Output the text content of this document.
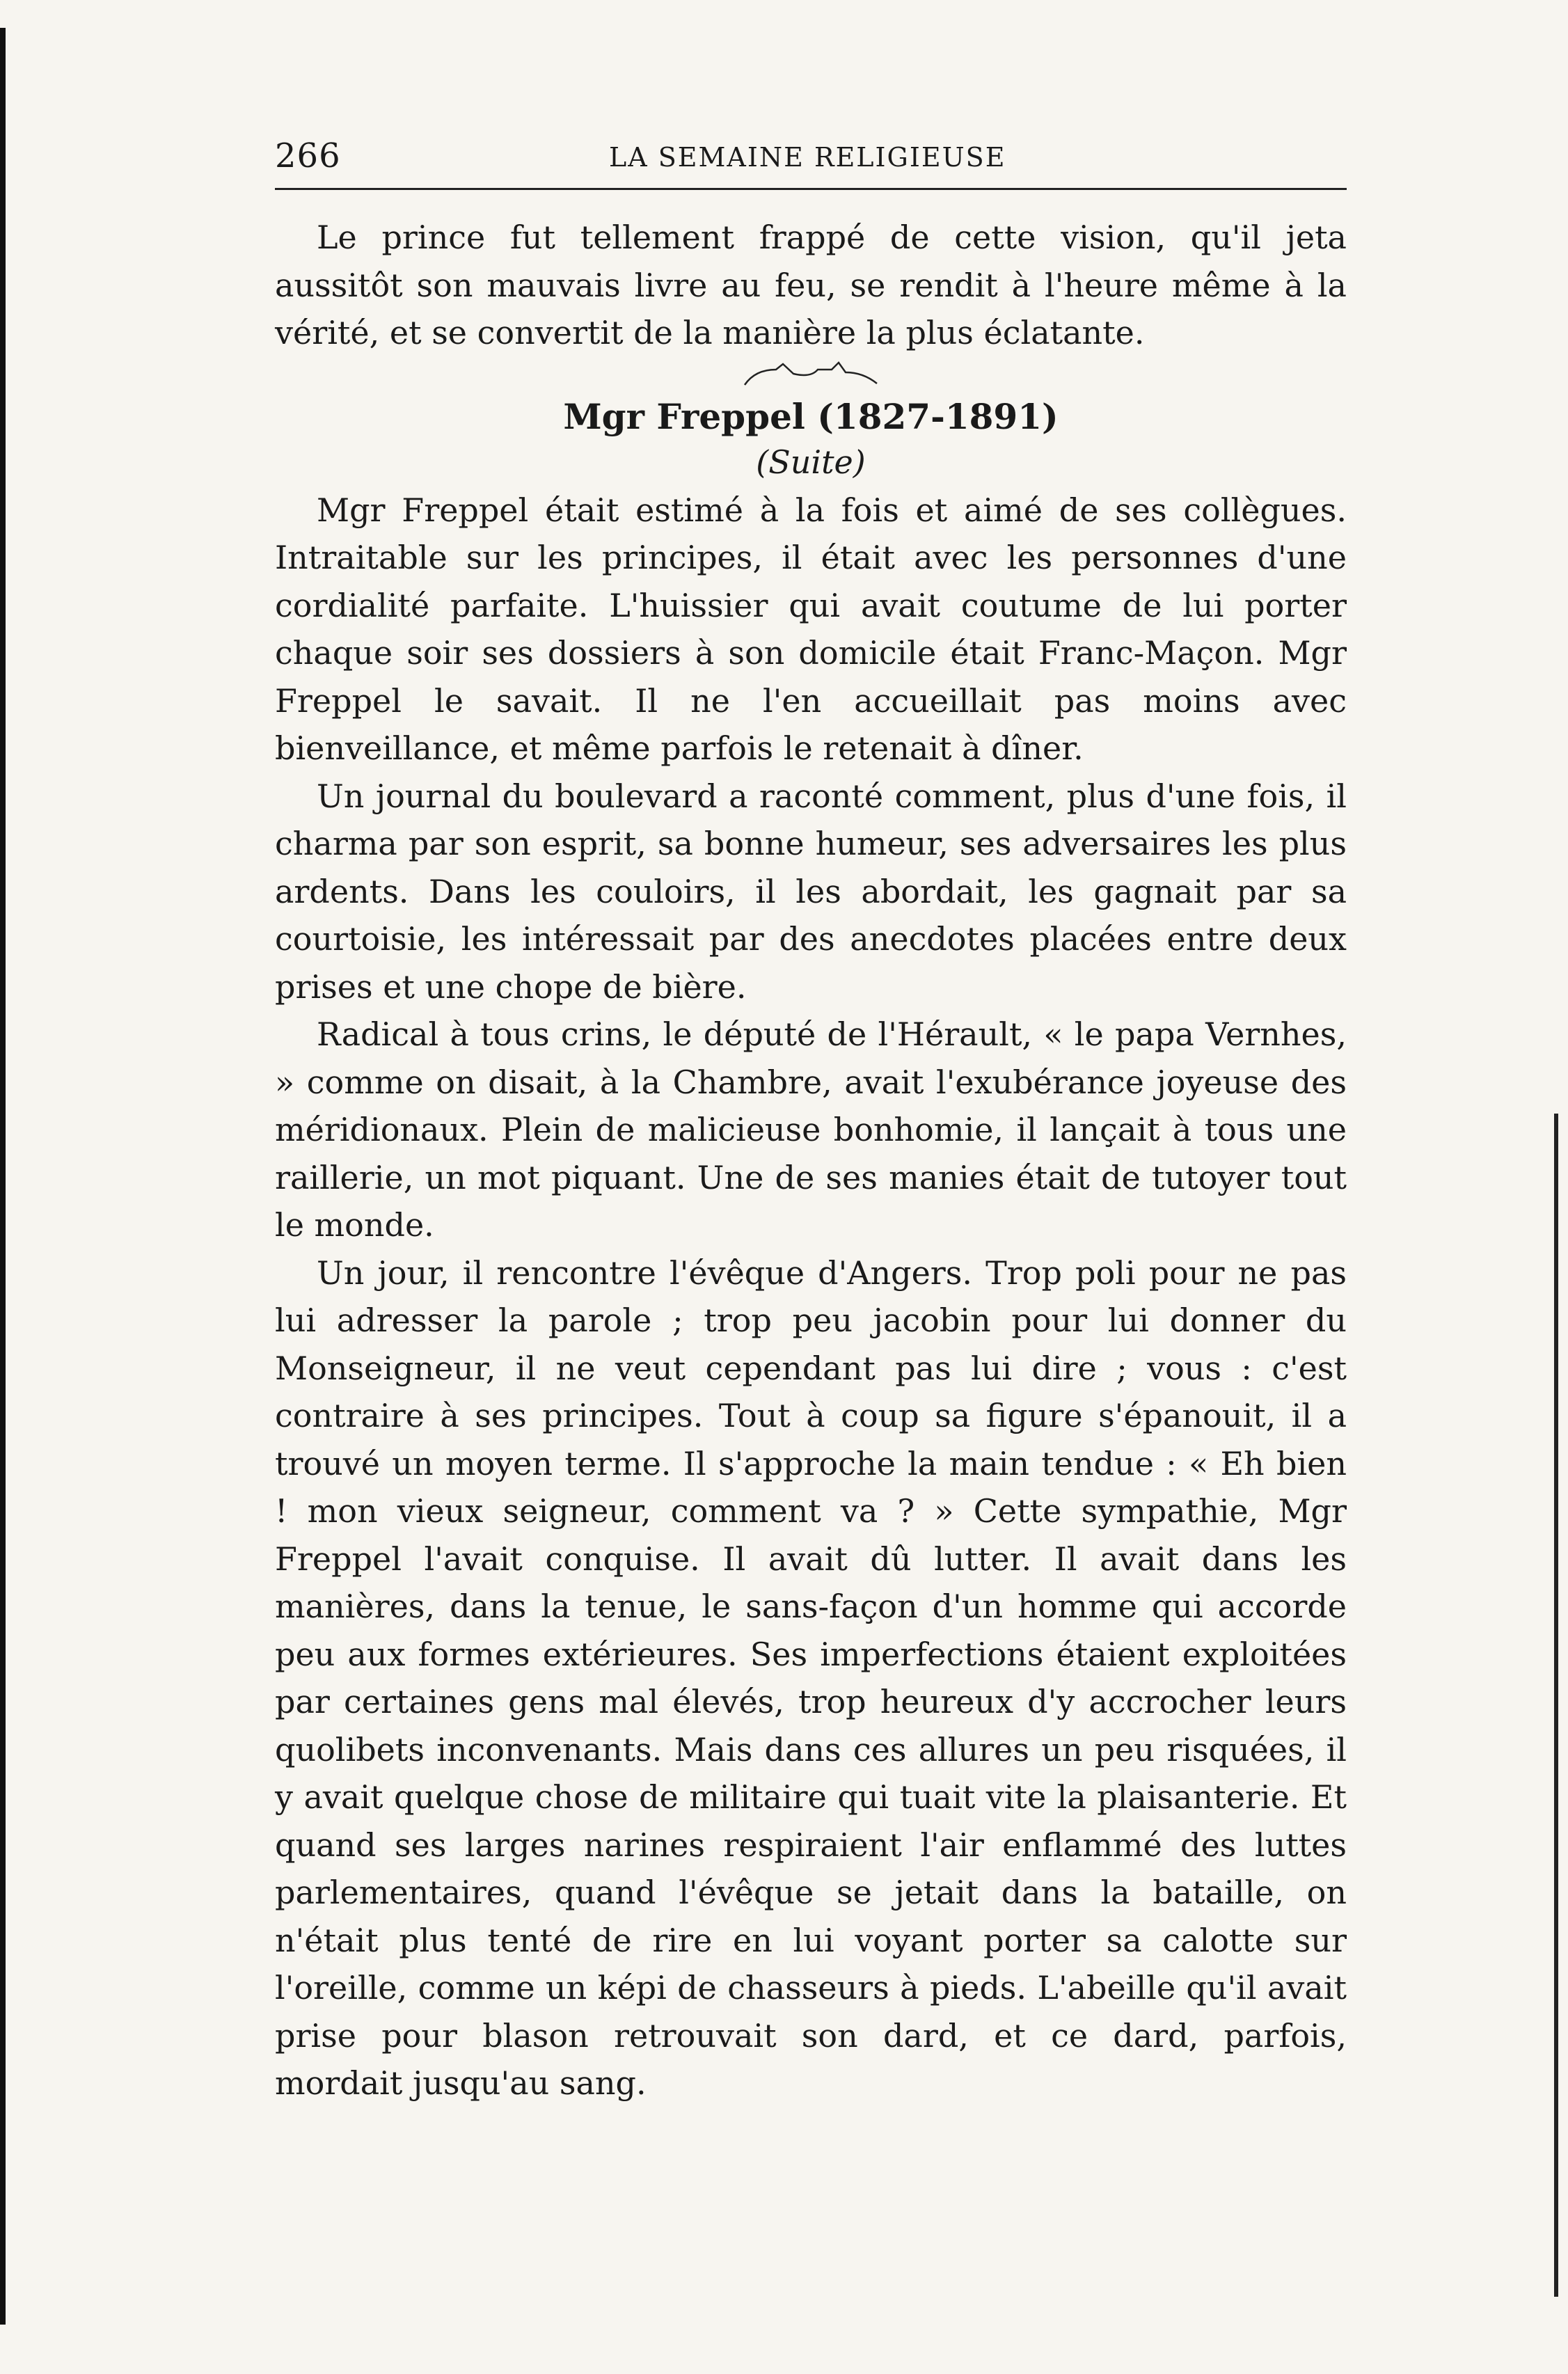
266	LA SEMAINE RELIGIEUSE

Le prince fut tellement frappé de cette vision, qu'il jeta aussitôt son mauvais livre au feu, se rendit à l'heure même à la vérité, et se convertit de la manière la plus éclatante.

Mgr Freppel (1827-1891)

(Suite)

Mgr Freppel était estimé à la fois et aimé de ses collègues. Intraitable sur les principes, il était avec les personnes d'une cordialité parfaite. L'huissier qui avait coutume de lui porter chaque soir ses dossiers à son domicile était Franc-Maçon. Mgr Freppel le savait. Il ne l'en accueillait pas moins avec bienveillance, et même parfois le retenait à dîner.

Un journal du boulevard a raconté comment, plus d'une fois, il charma par son esprit, sa bonne humeur, ses adversaires les plus ardents. Dans les couloirs, il les abordait, les gagnait par sa courtoisie, les intéressait par des anecdotes placées entre deux prises et une chope de bière.

Radical à tous crins, le député de l'Hérault, « le papa Vernhes, » comme on disait, à la Chambre, avait l'exubérance joyeuse des méridionaux. Plein de malicieuse bonhomie, il lançait à tous une raillerie, un mot piquant. Une de ses manies était de tutoyer tout le monde.

Un jour, il rencontre l'évêque d'Angers. Trop poli pour ne pas lui adresser la parole ; trop peu jacobin pour lui donner du Monseigneur, il ne veut cependant pas lui dire ; vous : c'est contraire à ses principes. Tout à coup sa figure s'épanouit, il a trouvé un moyen terme. Il s'approche la main tendue : « Eh bien ! mon vieux seigneur, comment va ? » Cette sympathie, Mgr Freppel l'avait conquise. Il avait dû lutter. Il avait dans les manières, dans la tenue, le sans-façon d'un homme qui accorde peu aux formes extérieures. Ses imperfections étaient exploitées par certaines gens mal élevés, trop heureux d'y accrocher leurs quolibets inconvenants. Mais dans ces allures un peu risquées, il y avait quelque chose de militaire qui tuait vite la plaisanterie. Et quand ses larges narines respiraient l'air enflammé des luttes parlementaires, quand l'évêque se jetait dans la bataille, on n'était plus tenté de rire en lui voyant porter sa calotte sur l'oreille, comme un képi de chasseurs à pieds. L'abeille qu'il avait prise pour blason retrouvait son dard, et ce dard, parfois, mordait jusqu'au sang.
